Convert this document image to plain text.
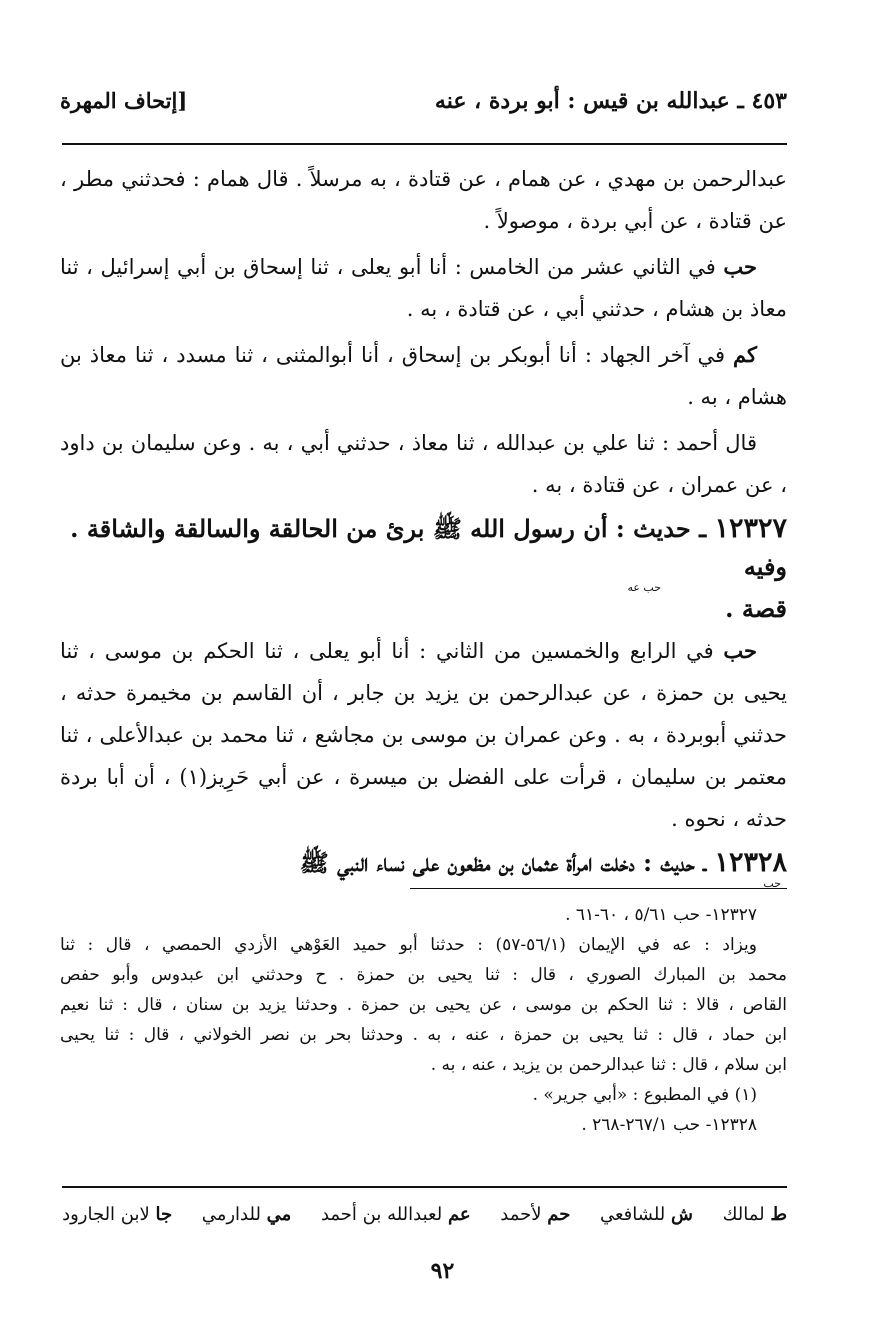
٤٥٣ ـ عبدالله بن قيس : أبو بردة ، عنه
[إتحاف المهرة

عبدالرحمن بن مهدي ، عن همام ، عن قتادة ، به مرسلاً . قال همام : فحدثني مطر ، عن قتادة ، عن أبي بردة ، موصولاً .

حب في الثاني عشر من الخامس : أنا أبو يعلى ، ثنا إسحاق بن أبي إسرائيل ، ثنا معاذ بن هشام ، حدثني أبي ، عن قتادة ، به .

كم في آخر الجهاد : أنا أبوبكر بن إسحاق ، أنا أبوالمثنى ، ثنا مسدد ، ثنا معاذ بن هشام ، به .

قال أحمد : ثنا علي بن عبدالله ، ثنا معاذ ، حدثني أبي ، به . وعن سليمان بن داود ، عن عمران ، عن قتادة ، به .

١٢٣٢٧ ـ حديث : أن رسول الله ﷺ برئ من الحالقة والسالقة والشاقة . وفيه
حب عه
قصة .

حب في الرابع والخمسين من الثاني : أنا أبو يعلى ، ثنا الحكم بن موسى ، ثنا يحيى بن حمزة ، عن عبدالرحمن بن يزيد بن جابر ، أن القاسم بن مخيمرة حدثه ، حدثني أبوبردة ، به . وعن عمران بن موسى بن مجاشع ، ثنا محمد بن عبدالأعلى ، ثنا معتمر بن سليمان ، قرأت على الفضل بن ميسرة ، عن أبي حَرِيز(١) ، أن أبا بردة حدثه ، نحوه .

١٢٣٢٨ ـ حديث : دخلت امرأة عثمان بن مظعون على نساء النبي ﷺ
حب

١٢٣٢٧- حب ٥/٦١ ، ٦٠-٦١ .

ويزاد : عه في الإيمان (٥٦/١-٥٧) : حدثنا أبو حميد العَوْهي الأزدي الحمصي ، قال : ثنا

محمد بن المبارك الصوري ، قال : ثنا يحيى بن حمزة . ح وحدثني ابن عبدوس وأبو حفص

القاص ، قالا : ثنا الحكم بن موسى ، عن يحيى بن حمزة . وحدثنا يزيد بن سنان ، قال : ثنا نعيم

ابن حماد ، قال : ثنا يحيى بن حمزة ، عنه ، به . وحدثنا بحر بن نصر الخولاني ، قال : ثنا يحيى

ابن سلام ، قال : ثنا عبدالرحمن بن يزيد ، عنه ، به .

(١) في المطبوع : «أبي جرير» .

١٢٣٢٨- حب ٢٦٧/١-٢٦٨ .

ط لمالك
ش للشافعي
حم لأحمد
عم لعبدالله بن أحمد
مي للدارمي
جا لابن الجارود
٩٢
